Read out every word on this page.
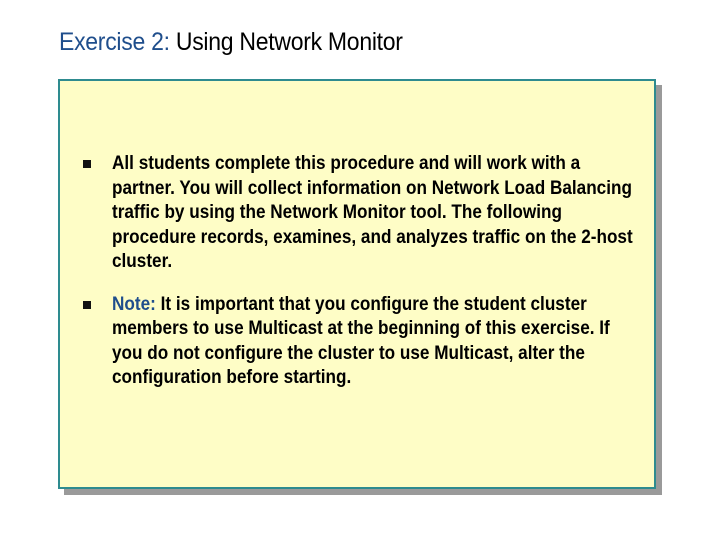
Exercise 2: Using Network Monitor
All students complete this procedure and will work with a partner. You will collect information on Network Load Balancing traffic by using the Network Monitor tool. The following procedure records, examines, and analyzes traffic on the 2-host cluster.
Note: It is important that you configure the student cluster members to use Multicast at the beginning of this exercise. If you do not configure the cluster to use Multicast, alter the configuration before starting.
